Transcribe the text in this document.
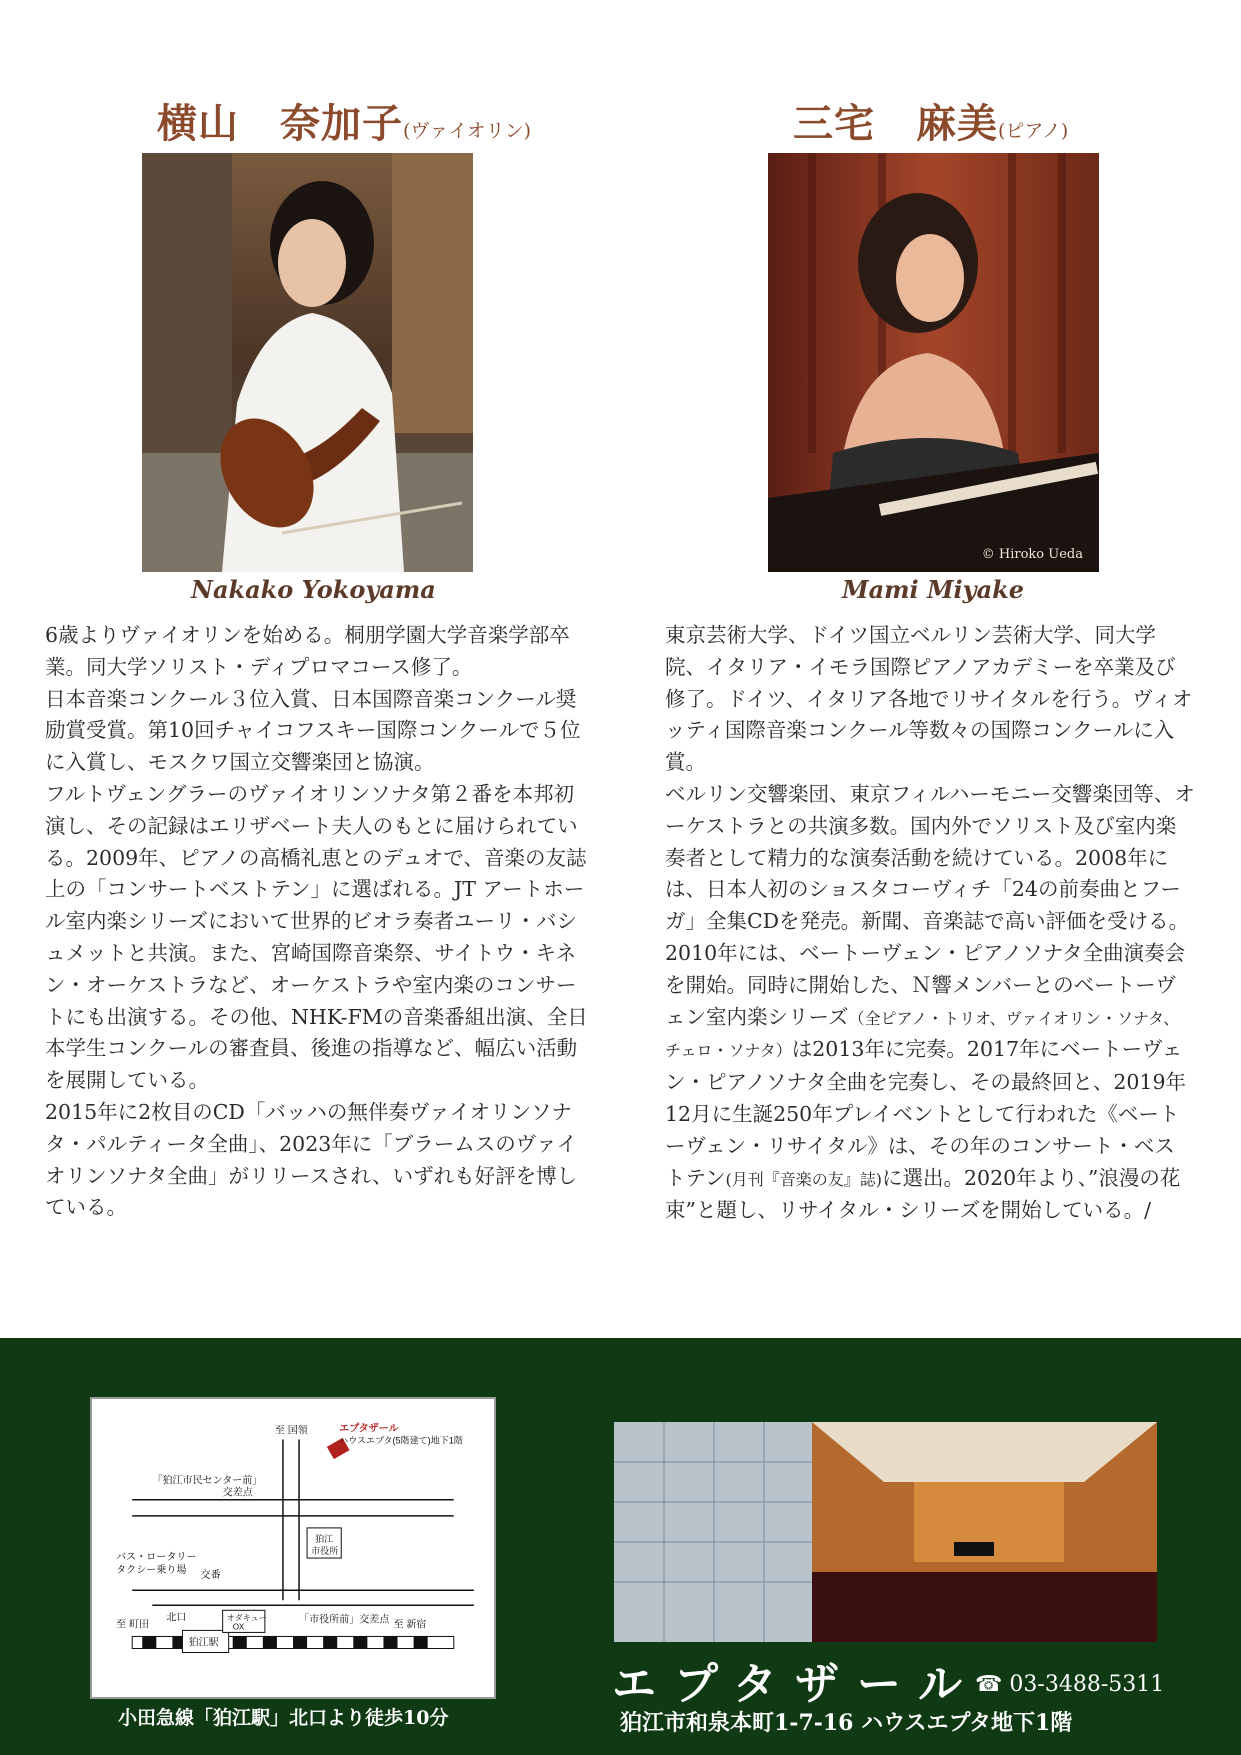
横山　奈加子(ヴァイオリン)
Nakako Yokoyama

6歳よりヴァイオリンを始める。桐朋学園大学音楽学部卒業。同大学ソリスト・ディプロマコース修了。

日本音楽コンクール３位入賞、日本国際音楽コンクール奨励賞受賞。第10回チャイコフスキー国際コンクールで５位に入賞し、モスクワ国立交響楽団と協演。

フルトヴェングラーのヴァイオリンソナタ第２番を本邦初演し、その記録はエリザベート夫人のもとに届けられている。2009年、ピアノの高橋礼恵とのデュオで、音楽の友誌上の「コンサートベストテン」に選ばれる。JT アートホール室内楽シリーズにおいて世界的ビオラ奏者ユーリ・バシュメットと共演。また、宮崎国際音楽祭、サイトウ・キネン・オーケストラなど、オーケストラや室内楽のコンサートにも出演する。その他、NHK-FMの音楽番組出演、全日本学生コンクールの審査員、後進の指導など、幅広い活動を展開している。

2015年に2枚目のCD「バッハの無伴奏ヴァイオリンソナタ・パルティータ全曲」、2023年に「ブラームスのヴァイオリンソナタ全曲」がリリースされ、いずれも好評を博している。

三宅　麻美(ピアノ)
© Hiroko Ueda
Mami Miyake

東京芸術大学、ドイツ国立ベルリン芸術大学、同大学院、イタリア・イモラ国際ピアノアカデミーを卒業及び修了。ドイツ、イタリア各地でリサイタルを行う。ヴィオッティ国際音楽コンクール等数々の国際コンクールに入賞。

ベルリン交響楽団、東京フィルハーモニー交響楽団等、オーケストラとの共演多数。国内外でソリスト及び室内楽奏者として精力的な演奏活動を続けている。2008年には、日本人初のショスタコーヴィチ「24の前奏曲とフーガ」全集CDを発売。新聞、音楽誌で高い評価を受ける。2010年には、ベートーヴェン・ピアノソナタ全曲演奏会を開始。同時に開始した、Ｎ響メンバーとのベートーヴェン室内楽シリーズ（全ピアノ・トリオ、ヴァイオリン・ソナタ、チェロ・ソナタ）は2013年に完奏。2017年にベートーヴェン・ピアノソナタ全曲を完奏し、その最終回と、2019年12月に生誕250年プレイベントとして行われた《ベートーヴェン・リサイタル》は、その年のコンサート・ベストテン(月刊『音楽の友』誌)に選出。2020年より、”浪漫の花束”と題し、リサイタル・シリーズを開始している。/

至 国領	エプタザール
ハウスエプタ(5階建て)地下1階
「狛江市民センター前」
交差点
バス・ロータリー
タクシー乗り場 交番
狛江
市役所
オダキュー
OX
「市役所前」交差点
至 町田
北口
狛江駅
至 新宿
小田急線「狛江駅」北口より徒歩10分
エプタザール
☎ 03-3488-5311
狛江市和泉本町1-7-16 ハウスエプタ地下1階
